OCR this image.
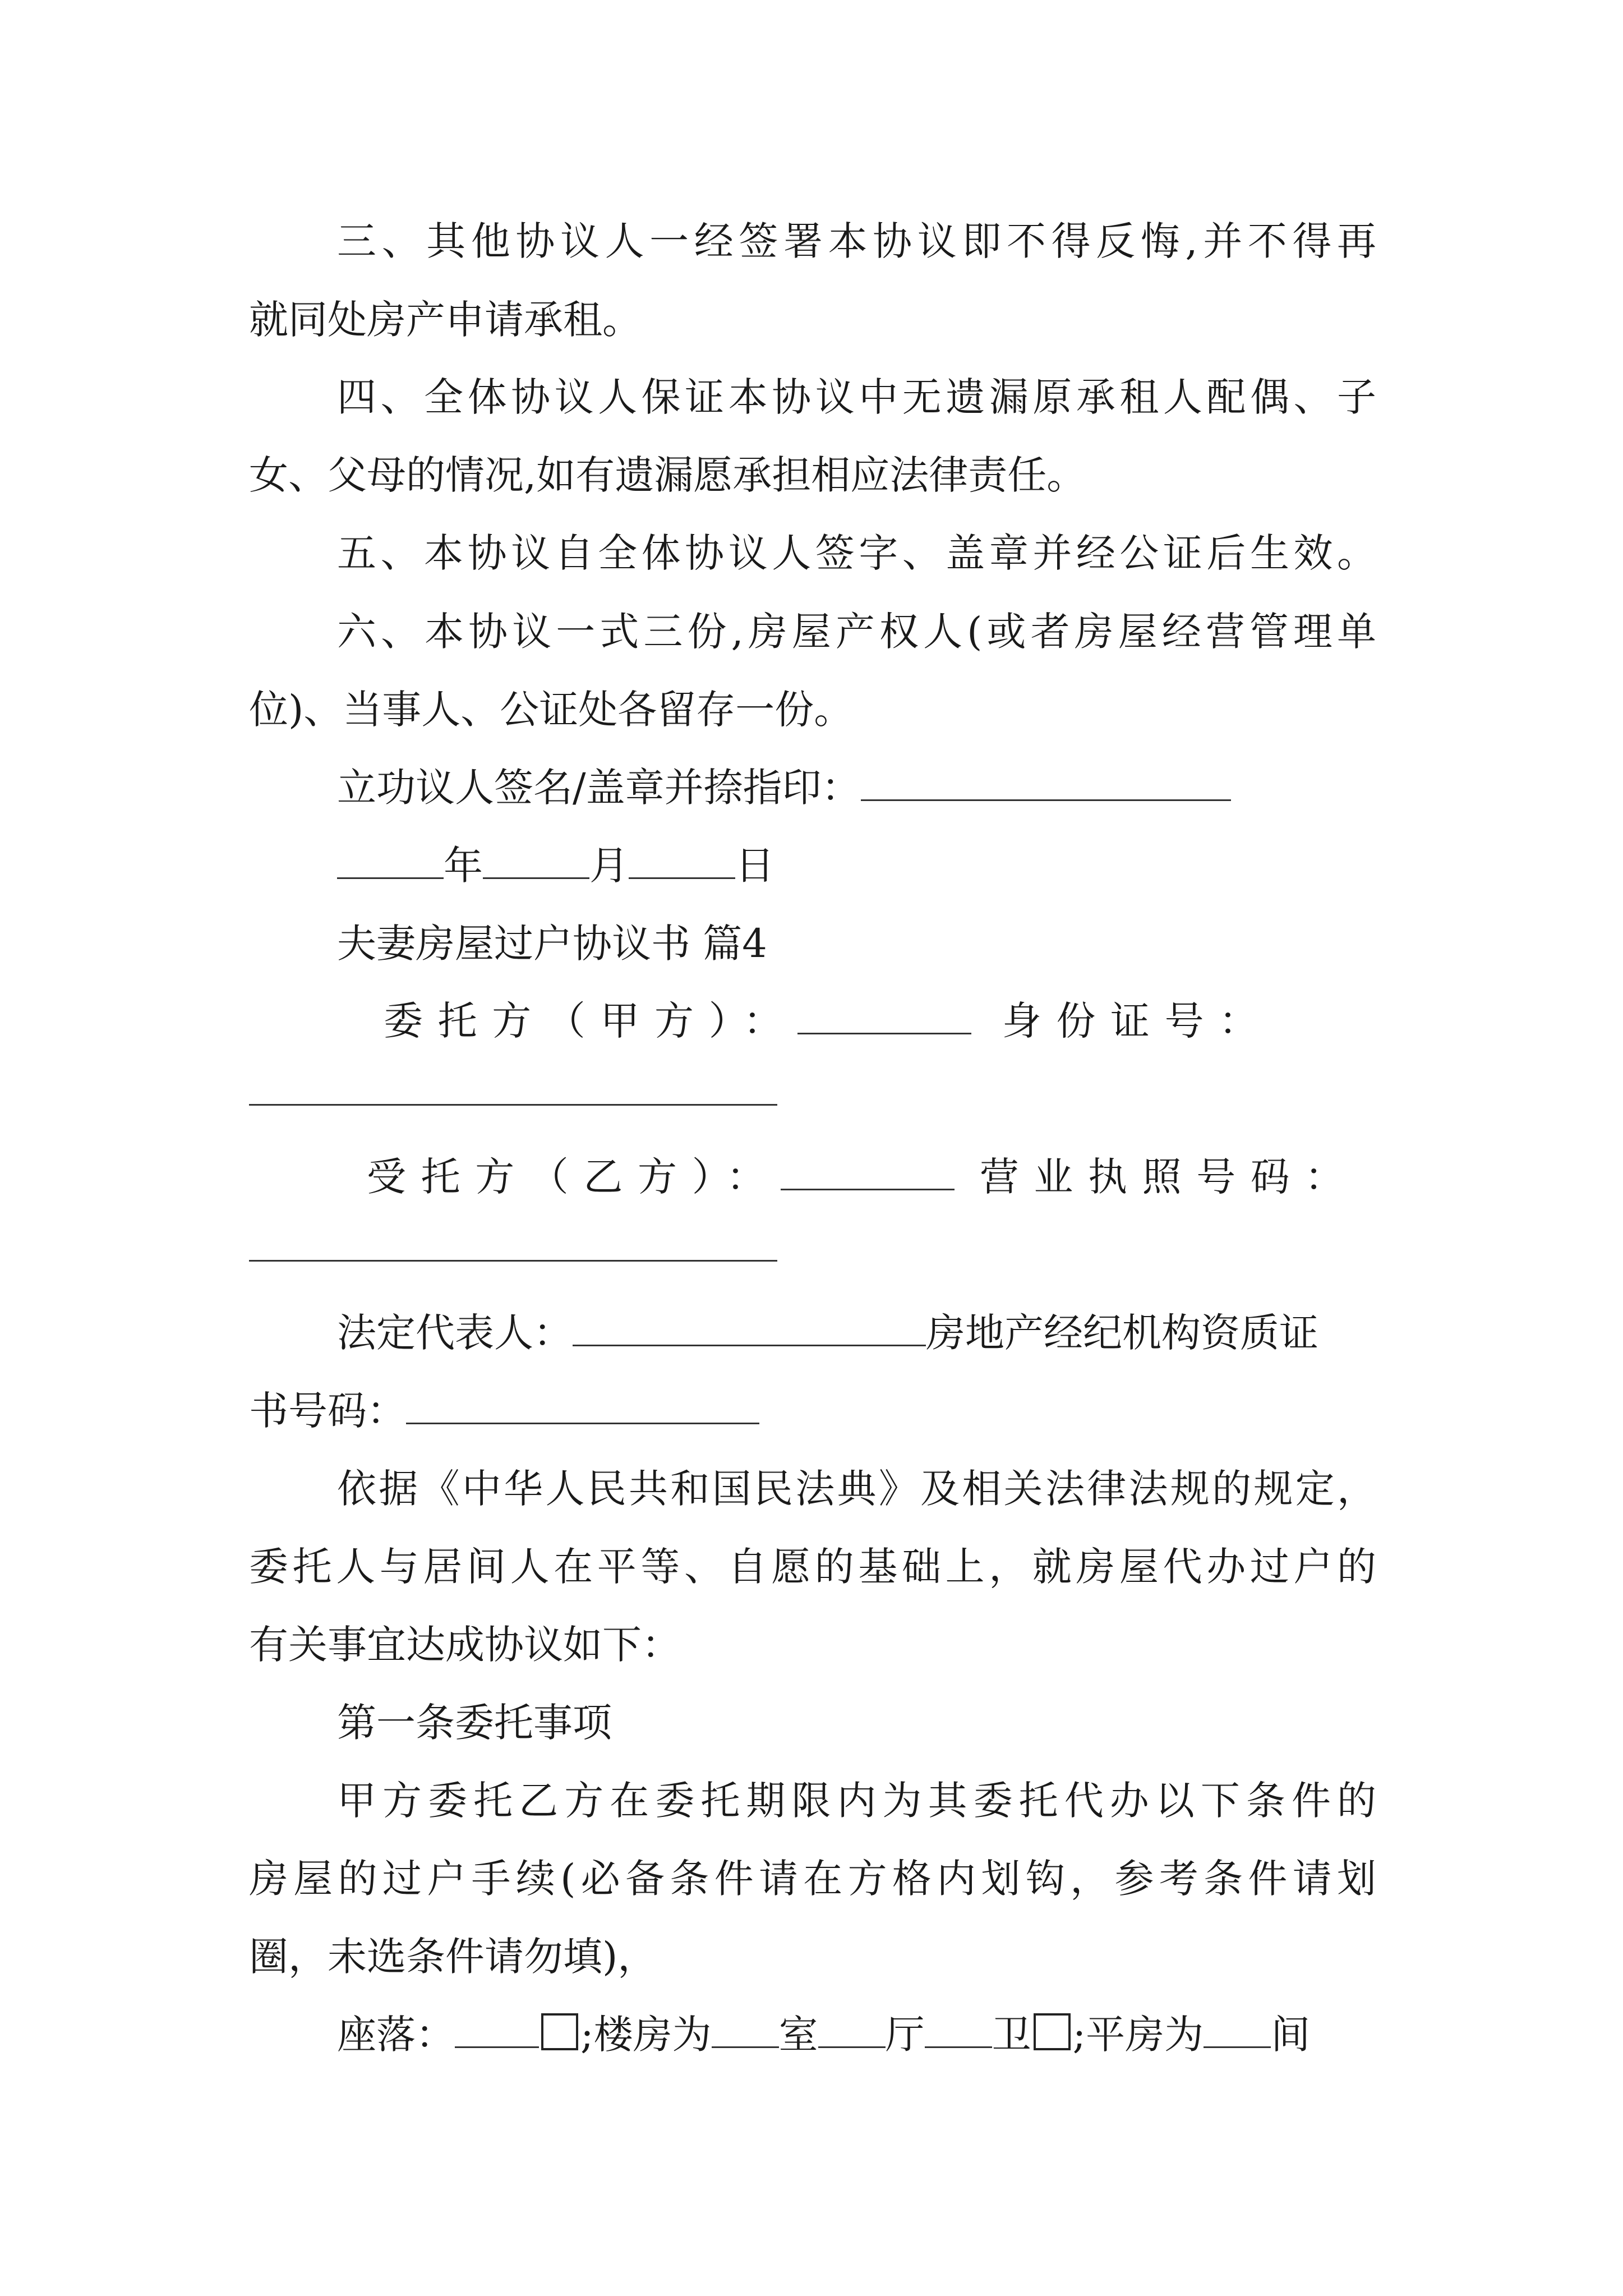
三、其他协议人一经签署本协议即不得反悔,并不得再
就同处房产申请承租。
四、全体协议人保证本协议中无遗漏原承租人配偶、子
女、父母的情况,如有遗漏愿承担相应法律责任。
五、本协议自全体协议人签字、盖章并经公证后生效。
六、本协议一式三份,房屋产权人(或者房屋经营管理单
位)、当事人、公证处各留存一份。
立功议人签名/盖章并捺指印：
年	月	日
夫妻房屋过户协议书 篇4
委托方（甲方）：	身份证号：
受托方（乙方）：	营业执照号码：
法定代表人：	房地产经纪机构资质证
书号码：
依据《中华人民共和国民法典》及相关法律法规的规定，
委托人与居间人在平等、自愿的基础上，就房屋代办过户的
有关事宜达成协议如下：
第一条委托事项
甲方委托乙方在委托期限内为其委托代办以下条件的
房屋的过户手续(必备条件请在方格内划钩，参考条件请划
圈，未选条件请勿填)，
座落：	;楼房为 室 厅 卫 ;平房为 间
